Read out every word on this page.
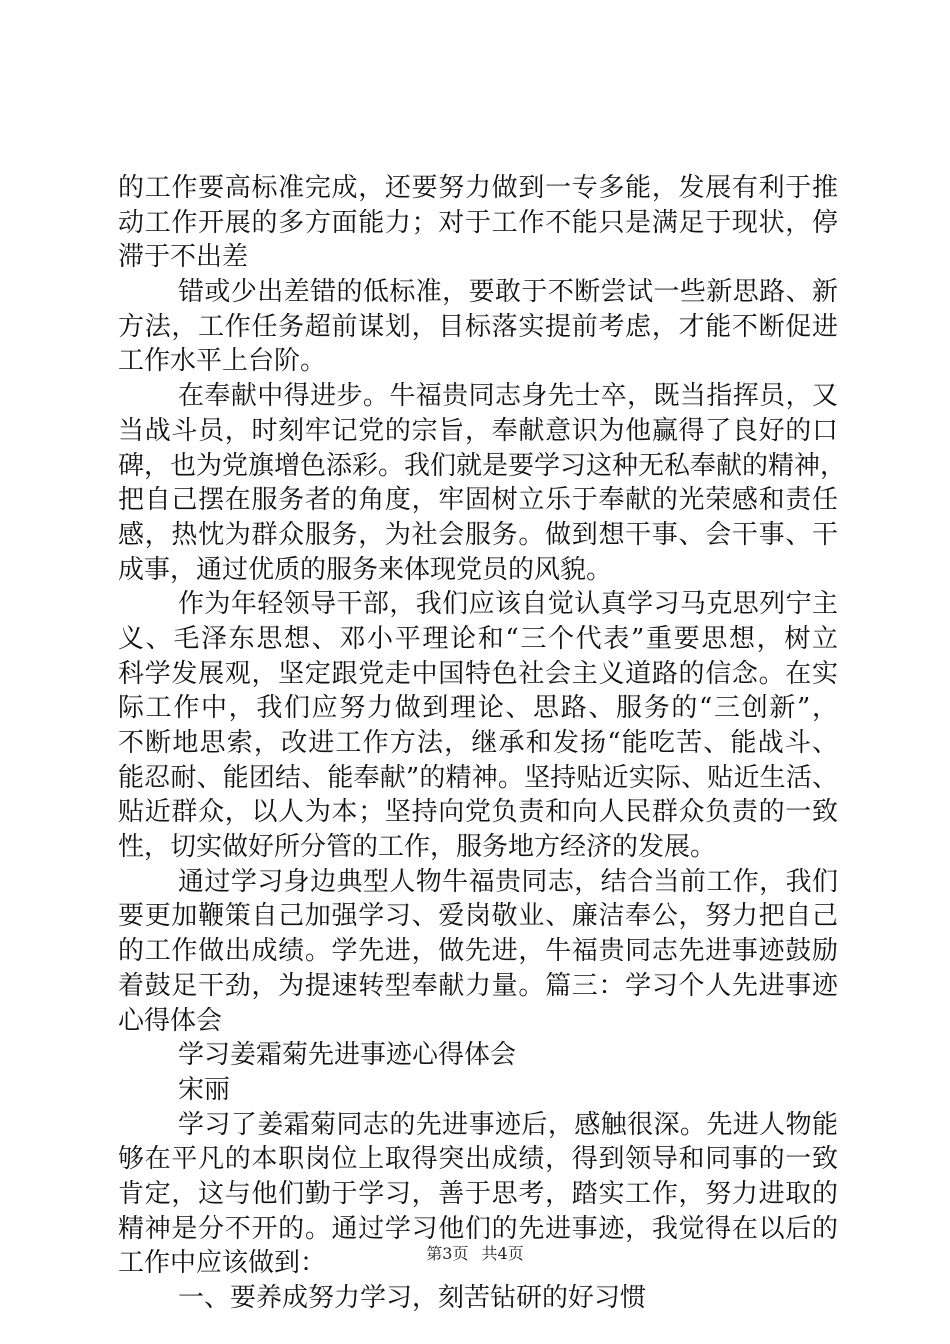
的工作要高标准完成，还要努力做到一专多能，发展有利于推
动工作开展的多方面能力；对于工作不能只是满足于现状，停
滞于不出差
错或少出差错的低标准，要敢于不断尝试一些新思路、新
方法，工作任务超前谋划，目标落实提前考虑，才能不断促进
工作水平上台阶。
在奉献中得进步。牛福贵同志身先士卒，既当指挥员，又
当战斗员，时刻牢记党的宗旨，奉献意识为他赢得了良好的口
碑，也为党旗增色添彩。我们就是要学习这种无私奉献的精神，
把自己摆在服务者的角度，牢固树立乐于奉献的光荣感和责任
感，热忱为群众服务，为社会服务。做到想干事、会干事、干
成事，通过优质的服务来体现党员的风貌。
作为年轻领导干部，我们应该自觉认真学习马克思列宁主
义、毛泽东思想、邓小平理论和“三个代表”重要思想，树立
科学发展观，坚定跟党走中国特色社会主义道路的信念。在实
际工作中，我们应努力做到理论、思路、服务的“三创新”，
不断地思索，改进工作方法，继承和发扬“能吃苦、能战斗、
能忍耐、能团结、能奉献”的精神。坚持贴近实际、贴近生活、
贴近群众，以人为本；坚持向党负责和向人民群众负责的一致
性，切实做好所分管的工作，服务地方经济的发展。
通过学习身边典型人物牛福贵同志，结合当前工作，我们
要更加鞭策自己加强学习、爱岗敬业、廉洁奉公，努力把自己
的工作做出成绩。学先进，做先进，牛福贵同志先进事迹鼓励
着鼓足干劲，为提速转型奉献力量。篇三：学习个人先进事迹
心得体会
学习姜霜菊先进事迹心得体会
宋丽
学习了姜霜菊同志的先进事迹后，感触很深。先进人物能
够在平凡的本职岗位上取得突出成绩，得到领导和同事的一致
肯定，这与他们勤于学习，善于思考，踏实工作，努力进取的
精神是分不开的。通过学习他们的先进事迹，我觉得在以后的
工作中应该做到：
一、要养成努力学习，刻苦钻研的好习惯
第3页 共4页
